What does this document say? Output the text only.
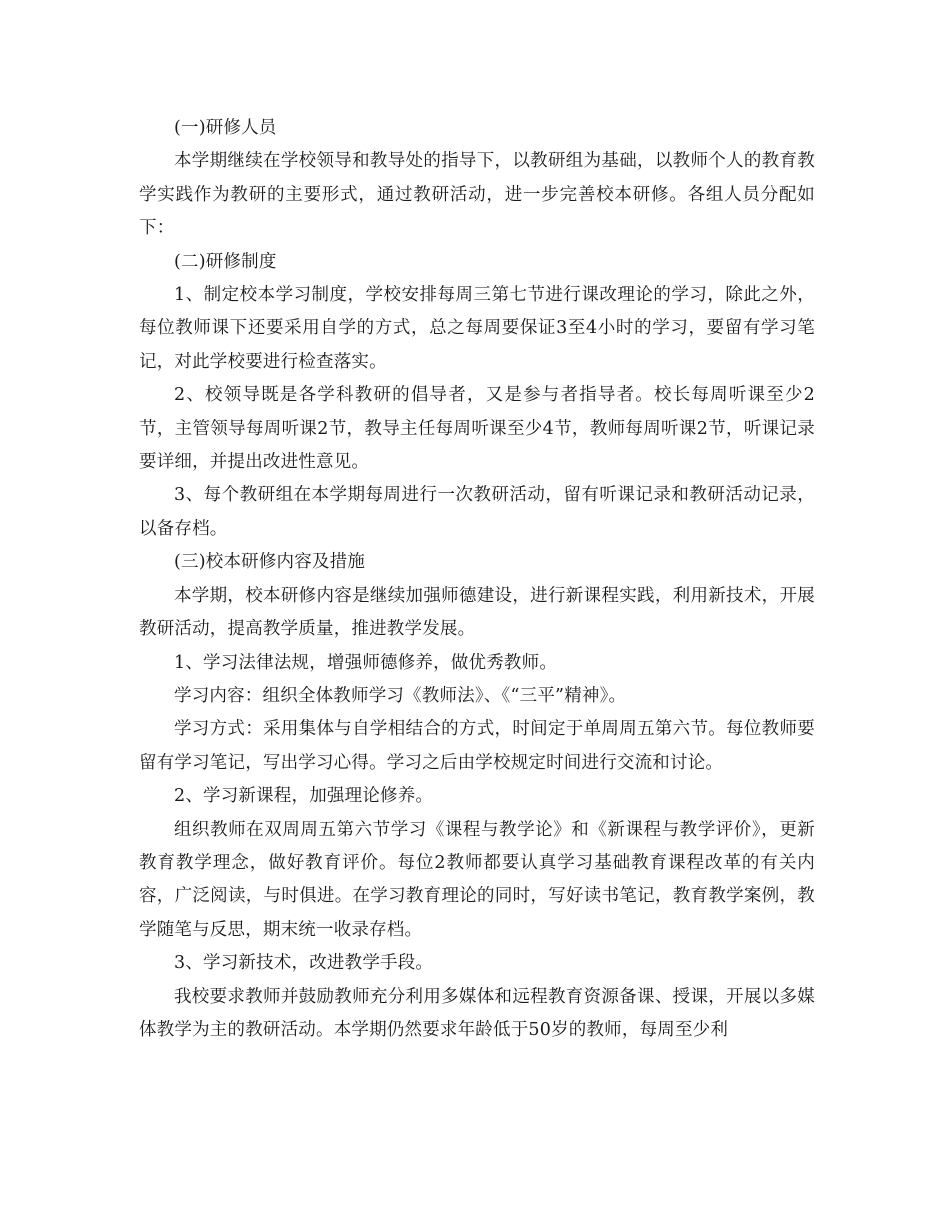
(一)研修人员

本学期继续在学校领导和教导处的指导下，以教研组为基础，以教师个人的教育教学实践作为教研的主要形式，通过教研活动，进一步完善校本研修。各组人员分配如下：

(二)研修制度

1、制定校本学习制度，学校安排每周三第七节进行课改理论的学习，除此之外，每位教师课下还要采用自学的方式，总之每周要保证3至4小时的学习，要留有学习笔记，对此学校要进行检查落实。

2、校领导既是各学科教研的倡导者，又是参与者指导者。校长每周听课至少2节，主管领导每周听课2节，教导主任每周听课至少4节，教师每周听课2节，听课记录要详细，并提出改进性意见。

3、每个教研组在本学期每周进行一次教研活动，留有听课记录和教研活动记录，以备存档。

(三)校本研修内容及措施

本学期，校本研修内容是继续加强师德建设，进行新课程实践，利用新技术，开展教研活动，提高教学质量，推进教学发展。

1、学习法律法规，增强师德修养，做优秀教师。

学习内容：组织全体教师学习《教师法》、《“三平”精神》。

学习方式：采用集体与自学相结合的方式，时间定于单周周五第六节。每位教师要留有学习笔记，写出学习心得。学习之后由学校规定时间进行交流和讨论。

2、学习新课程，加强理论修养。

组织教师在双周周五第六节学习《课程与教学论》和《新课程与教学评价》，更新教育教学理念，做好教育评价。每位2教师都要认真学习基础教育课程改革的有关内容，广泛阅读，与时俱进。在学习教育理论的同时，写好读书笔记，教育教学案例，教学随笔与反思，期末统一收录存档。

3、学习新技术，改进教学手段。

我校要求教师并鼓励教师充分利用多媒体和远程教育资源备课、授课，开展以多媒体教学为主的教研活动。本学期仍然要求年龄低于50岁的教师，每周至少利
